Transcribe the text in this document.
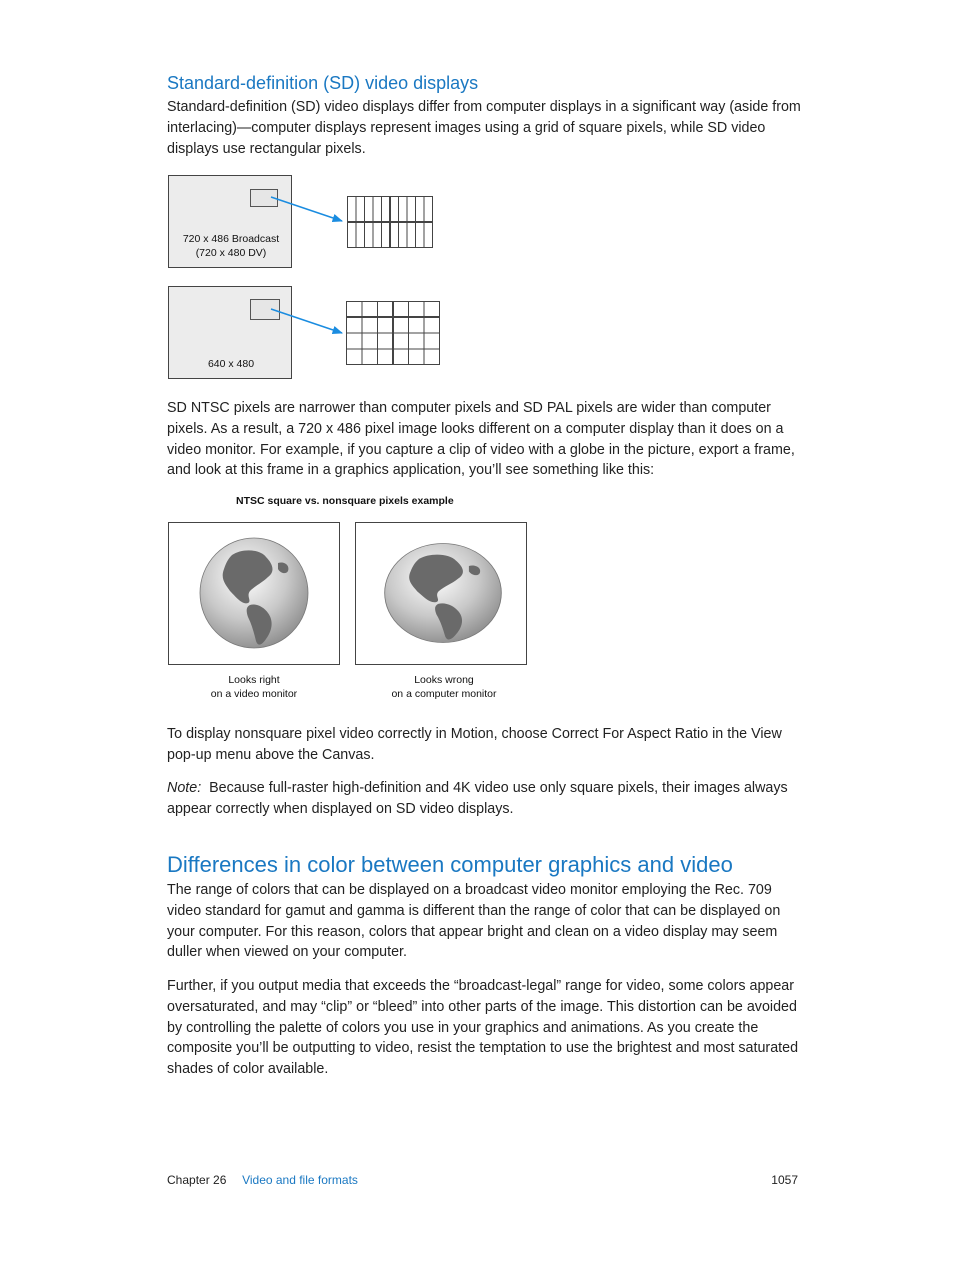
Standard-definition (SD) video displays

Standard-definition (SD) video displays differ from computer displays in a significant way (aside from interlacing)—computer displays represent images using a grid of square pixels, while SD video displays use rectangular pixels.

720 x 486 Broadcast
(720 x 480 DV)
640 x 480

SD NTSC pixels are narrower than computer pixels and SD PAL pixels are wider than computer pixels. As a result, a 720 x 486 pixel image looks different on a computer display than it does on a video monitor. For example, if you capture a clip of video with a globe in the picture, export a frame, and look at this frame in a graphics application, you’ll see something like this:

NTSC square vs. nonsquare pixels example
Looks right
on a video monitor
Looks wrong
on a computer monitor

To display nonsquare pixel video correctly in Motion, choose Correct For Aspect Ratio in the View pop-up menu above the Canvas.

Note: Because full-raster high-definition and 4K video use only square pixels, their images always appear correctly when displayed on SD video displays.

Differences in color between computer graphics and video

The range of colors that can be displayed on a broadcast video monitor employing the Rec. 709 video standard for gamut and gamma is different than the range of color that can be displayed on your computer. For this reason, colors that appear bright and clean on a video display may seem duller when viewed on your computer.

Further, if you output media that exceeds the “broadcast-legal” range for video, some colors appear oversaturated, and may “clip” or “bleed” into other parts of the image. This distortion can be avoided by controlling the palette of colors you use in your graphics and animations. As you create the composite you’ll be outputting to video, resist the temptation to use the brightest and most saturated shades of color available.

Chapter 26 Video and file formats	1057
